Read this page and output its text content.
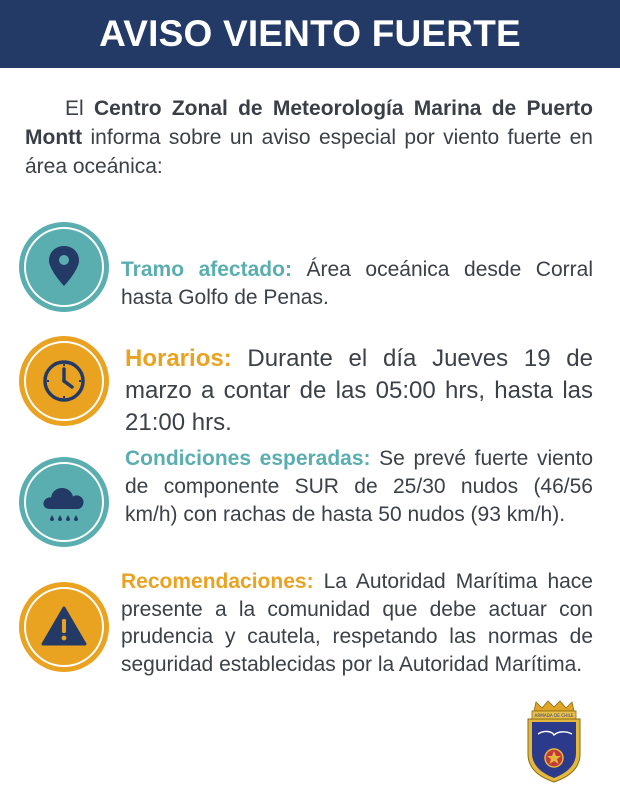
AVISO VIENTO FUERTE
El Centro Zonal de Meteorología Marina de Puerto Montt informa sobre un aviso especial por viento fuerte en área oceánica:
Tramo afectado: Área oceánica desde Corral hasta Golfo de Penas.
Horarios: Durante el día Jueves 19 de marzo a contar de las 05:00 hrs, hasta las 21:00 hrs.
Condiciones esperadas: Se prevé fuerte viento de componente SUR de 25/30 nudos (46/56 km/h) con rachas de hasta 50 nudos (93 km/h).
Recomendaciones: La Autoridad Marítima hace presente a la comunidad que debe actuar con prudencia y cautela, respetando las normas de seguridad establecidas por la Autoridad Marítima.
ARMADA DE CHILE
